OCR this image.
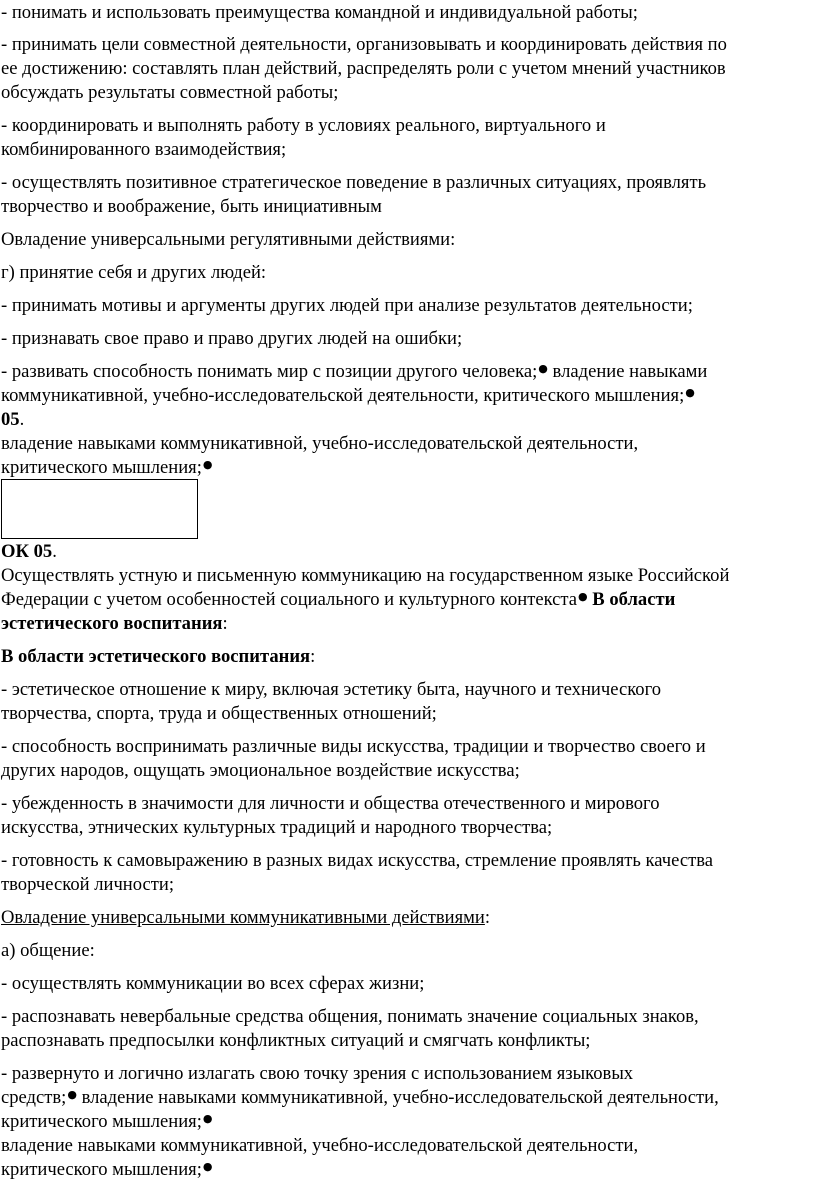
- понимать и использовать преимущества командной и индивидуальной работы;
- принимать цели совместной деятельности, организовывать и координировать действия по
ее достижению: составлять план действий, распределять роли с учетом мнений участников
обсуждать результаты совместной работы;
- координировать и выполнять работу в условиях реального, виртуального и
комбинированного взаимодействия;
- осуществлять позитивное стратегическое поведение в различных ситуациях, проявлять
творчество и воображение, быть инициативным
Овладение универсальными регулятивными действиями:
г) принятие себя и других людей:
- принимать мотивы и аргументы других людей при анализе результатов деятельности;
- признавать свое право и право других людей на ошибки;
- развивать способность понимать мир с позиции другого человека;● владение навыками
коммуникативной, учебно-исследовательской деятельности, критического мышления;●
05.
владение навыками коммуникативной, учебно-исследовательской деятельности,
критического мышления;●
ОК 05.
Осуществлять устную и письменную коммуникацию на государственном языке Российской
Федерации с учетом особенностей социального и культурного контекста● В области
эстетического воспитания:
В области эстетического воспитания:
- эстетическое отношение к миру, включая эстетику быта, научного и технического
творчества, спорта, труда и общественных отношений;
- способность воспринимать различные виды искусства, традиции и творчество своего и
других народов, ощущать эмоциональное воздействие искусства;
- убежденность в значимости для личности и общества отечественного и мирового
искусства, этнических культурных традиций и народного творчества;
- готовность к самовыражению в разных видах искусства, стремление проявлять качества
творческой личности;
Овладение универсальными коммуникативными действиями:
а) общение:
- осуществлять коммуникации во всех сферах жизни;
- распознавать невербальные средства общения, понимать значение социальных знаков,
распознавать предпосылки конфликтных ситуаций и смягчать конфликты;
- развернуто и логично излагать свою точку зрения с использованием языковых
средств;● владение навыками коммуникативной, учебно-исследовательской деятельности,
критического мышления;●
владение навыками коммуникативной, учебно-исследовательской деятельности,
критического мышления;●
